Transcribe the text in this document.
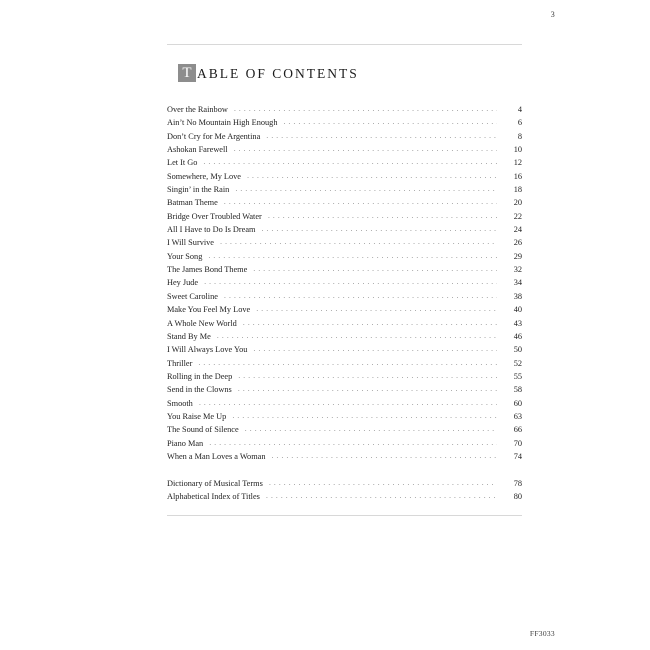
3
T ABLE OF CONTENTS
Over the Rainbow . . .	4
Ain’t No Mountain High Enough . . .	6
Don’t Cry for Me Argentina . . .	8
Ashokan Farewell . . .	10
Let It Go . . .	12
Somewhere, My Love . . .	16
Singin’ in the Rain . . .	18
Batman Theme . . .	20
Bridge Over Troubled Water . . .	22
All I Have to Do Is Dream . . .	24
I Will Survive . . .	26
Your Song . . .	29
The James Bond Theme . . .	32
Hey Jude . . .	34
Sweet Caroline . . .	38
Make You Feel My Love . . .	40
A Whole New World . . .	43
Stand By Me . . .	46
I Will Always Love You . . .	50
Thriller . . .	52
Rolling in the Deep . . .	55
Send in the Clowns . . .	58
Smooth . . .	60
You Raise Me Up . . .	63
The Sound of Silence . . .	66
Piano Man . . .	70
When a Man Loves a Woman . . .	74
Dictionary of Musical Terms . . .	78
Alphabetical Index of Titles . . .	80
FF3033
